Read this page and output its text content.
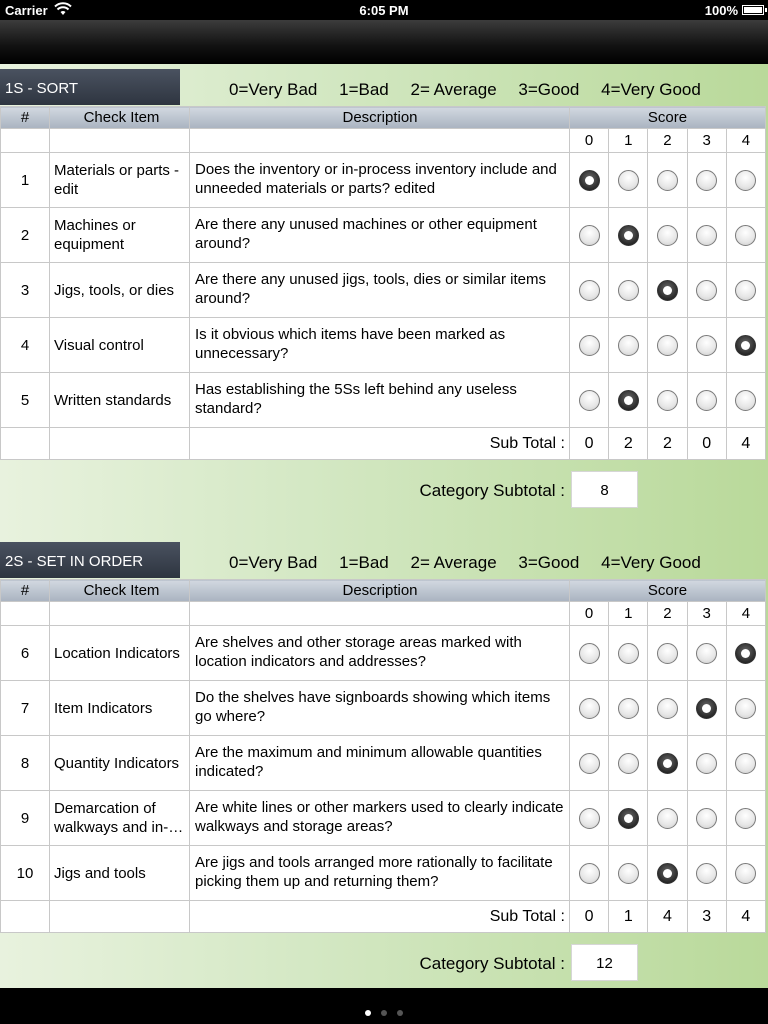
Carrier	6:05 PM	100%
1S - SORT	0=Very Bad 1=Bad 2= Average 3=Good 4=Very Good
#	Check Item	Description	Score				
			0	1	2	3	4
1	Materials or parts - edit	Does the inventory or in-process inventory include and unneeded materials or parts? edited					
2	Machines or equipment	Are there any unused machines or other equipment around?					
3	Jigs, tools, or dies	Are there any unused jigs, tools, dies or similar items around?					
4	Visual control	Is it obvious which items have been marked as unnecessary?					
5	Written standards	Has establishing the 5Ss left behind any useless standard?					
		Sub Total :	0	2	2	0	4
Category Subtotal :	8
2S - SET IN ORDER	0=Very Bad 1=Bad 2= Average 3=Good 4=Very Good
#	Check Item	Description	Score				
			0	1	2	3	4
6	Location Indicators	Are shelves and other storage areas marked with location indicators and addresses?					
7	Item Indicators	Do the shelves have signboards showing which items go where?					
8	Quantity Indicators	Are the maximum and minimum allowable quantities indicated?					
9	Demarcation of walkways and in-…	Are white lines or other markers used to clearly indicate walkways and storage areas?					
10	Jigs and tools	Are jigs and tools arranged more rationally to facilitate picking them up and returning them?					
		Sub Total :	0	1	4	3	4
Category Subtotal :	12
